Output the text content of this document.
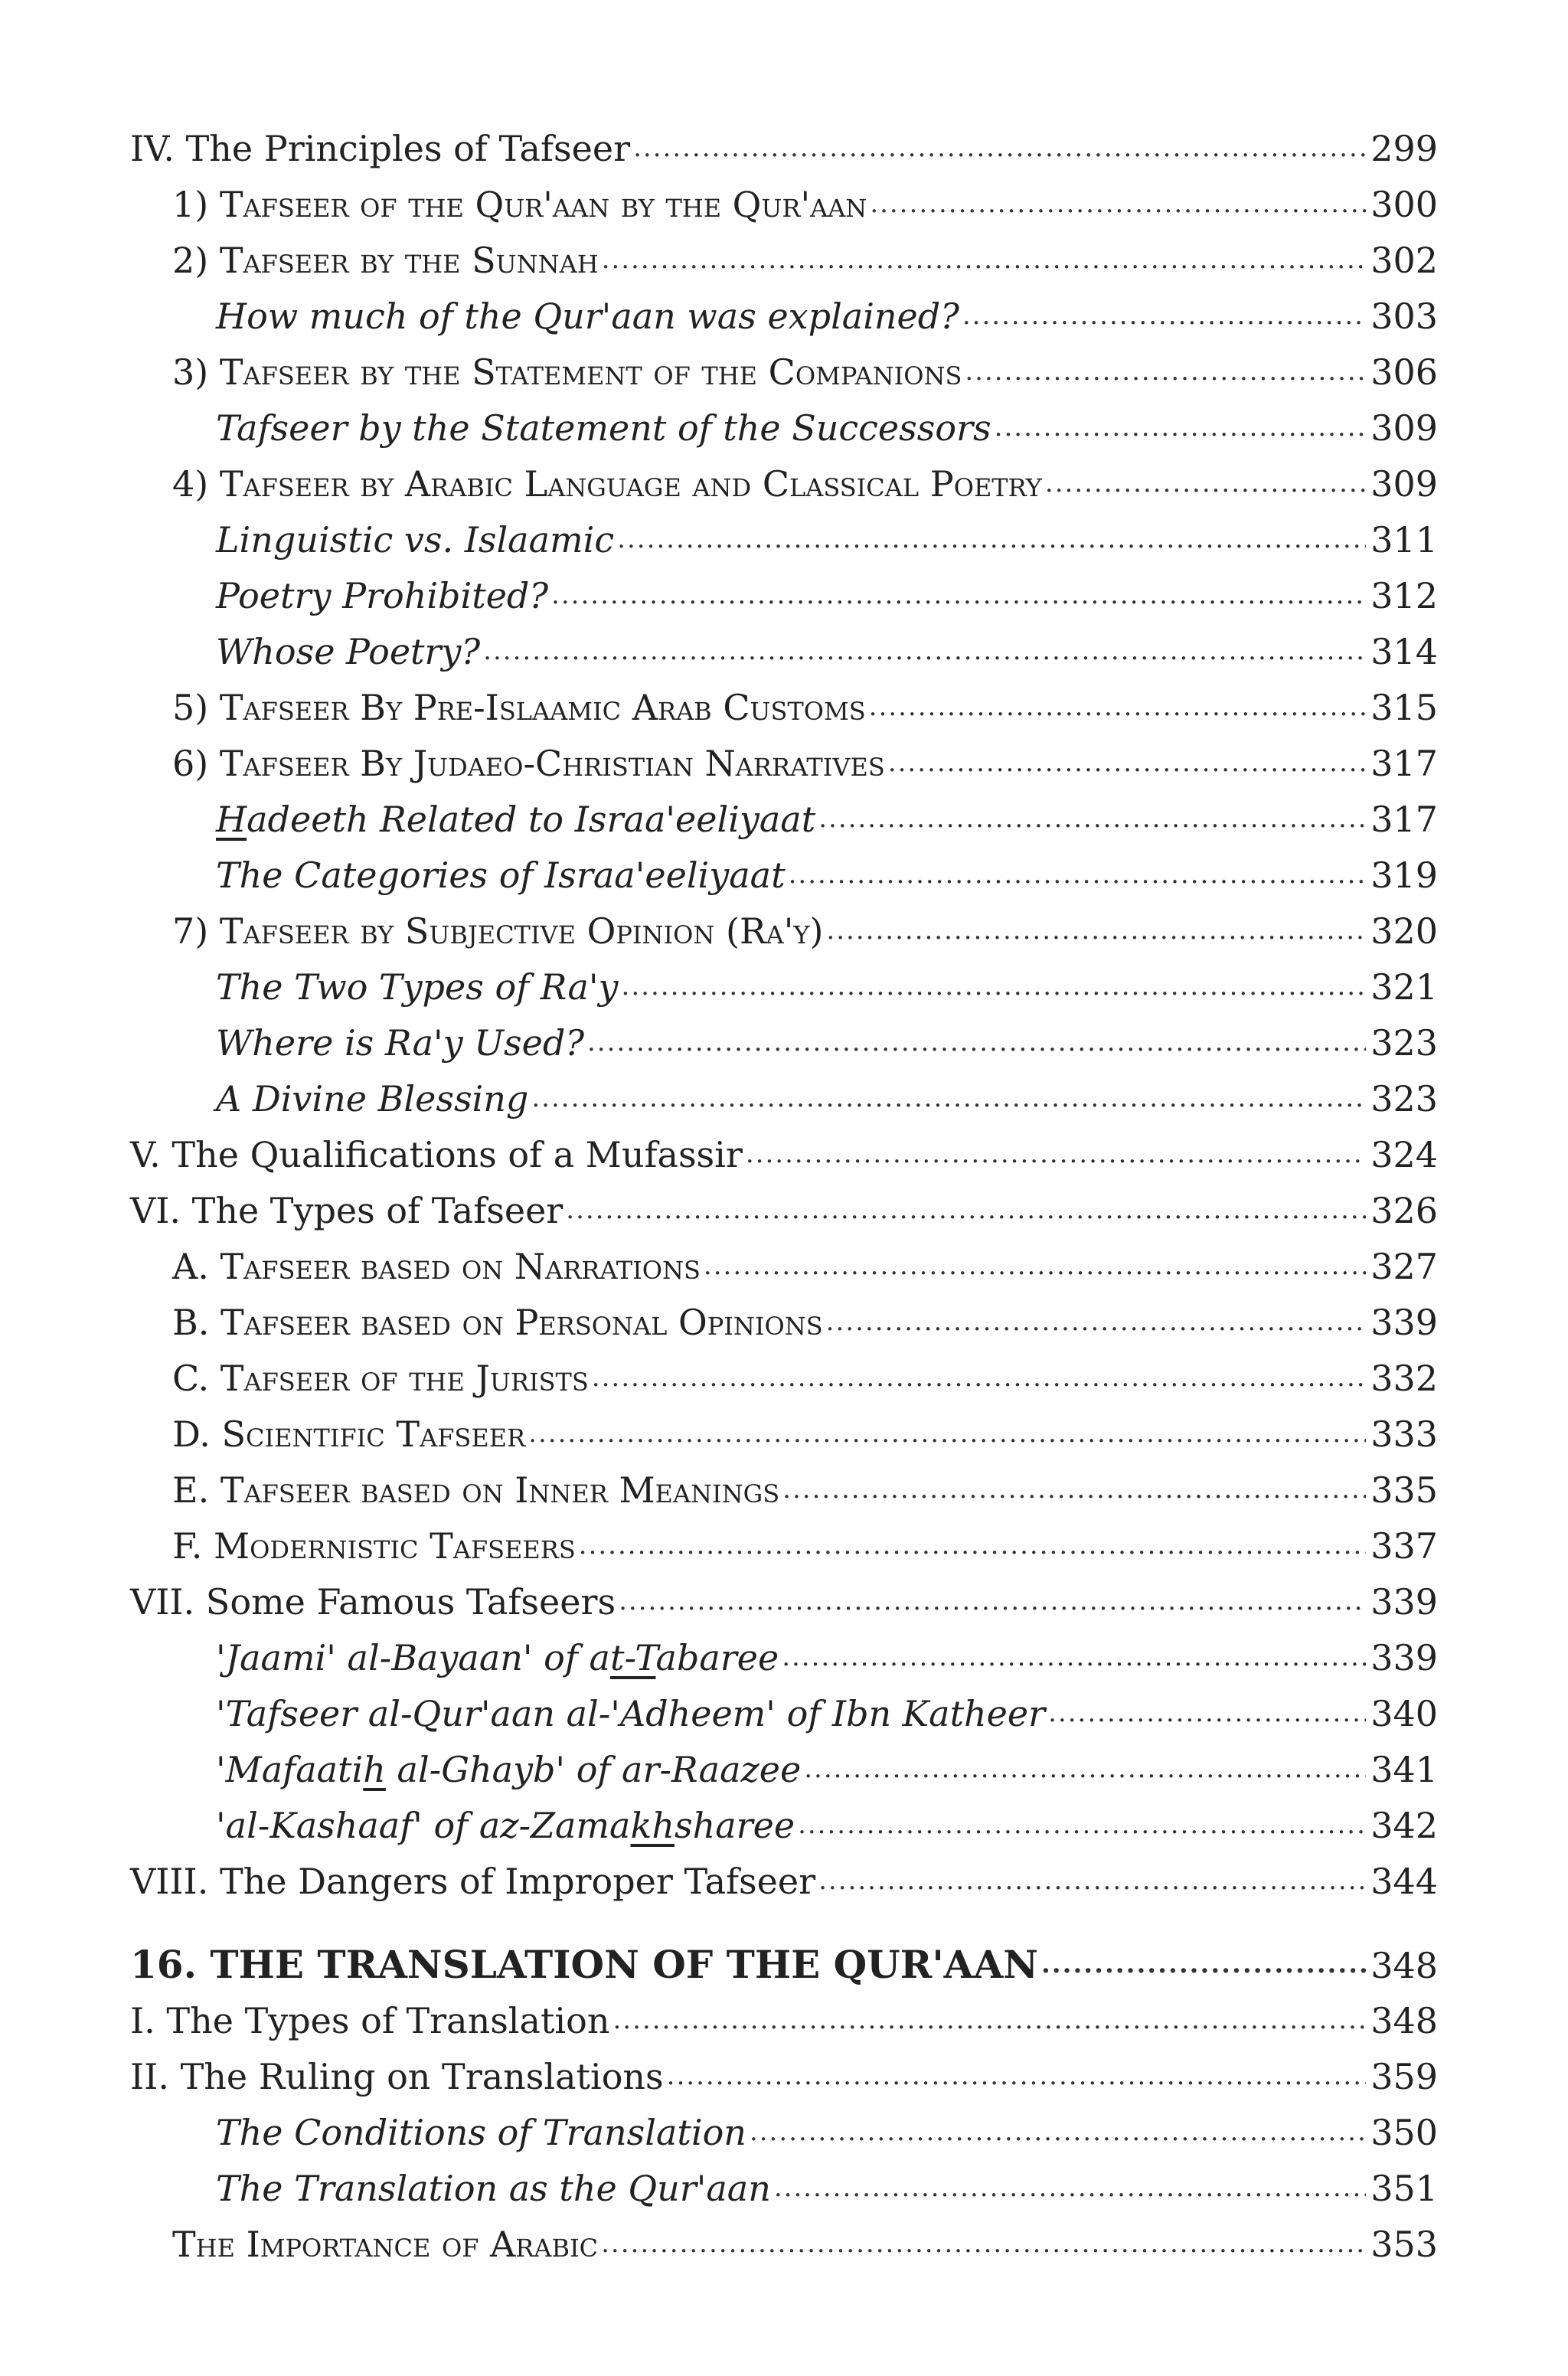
IV. The Principles of Tafseer .....	299
1) Tafseer of the Qur'aan by the Qur'aan .....	300
2) Tafseer by the Sunnah .....	302
How much of the Qur'aan was explained? .....	303
3) Tafseer by the Statement of the Companions .....	306
Tafseer by the Statement of the Successors .....	309
4) Tafseer by Arabic Language and Classical Poetry .....	309
Linguistic vs. Islaamic .....	311
Poetry Prohibited? .....	312
Whose Poetry? .....	314
5) Tafseer By Pre-Islaamic Arab Customs .....	315
6) Tafseer By Judaeo-Christian Narratives .....	317
Hadeeth Related to Israa'eeliyaat .....	317
The Categories of Israa'eeliyaat .....	319
7) Tafseer by Subjective Opinion (Ra'y) .....	320
The Two Types of Ra'y .....	321
Where is Ra'y Used? .....	323
A Divine Blessing .....	323
V. The Qualifications of a Mufassir .....	324
VI. The Types of Tafseer .....	326
A. Tafseer based on Narrations .....	327
B. Tafseer based on Personal Opinions .....	339
C. Tafseer of the Jurists .....	332
D. Scientific Tafseer .....	333
E. Tafseer based on Inner Meanings .....	335
F. Modernistic Tafseers .....	337
VII. Some Famous Tafseers .....	339
'Jaami' al-Bayaan' of at-Tabaree .....	339
'Tafseer al-Qur'aan al-'Adheem' of Ibn Katheer .....	340
'Mafaatih al-Ghayb' of ar-Raazee .....	341
'al-Kashaaf' of az-Zamakhsharee .....	342
VIII. The Dangers of Improper Tafseer .....	344
16. THE TRANSLATION OF THE QUR'AAN .....	348
I. The Types of Translation .....	348
II. The Ruling on Translations .....	359
The Conditions of Translation .....	350
The Translation as the Qur'aan .....	351
The Importance of Arabic .....	353
